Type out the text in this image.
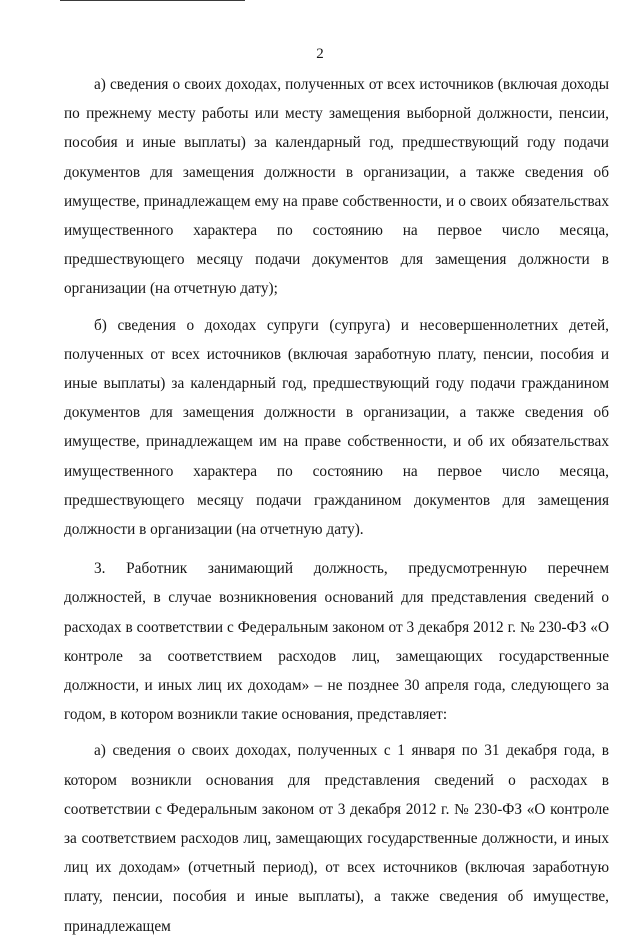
2

а) сведения о своих доходах, полученных от всех источников (включая доходы по прежнему месту работы или месту замещения выборной должности, пенсии, пособия и иные выплаты) за календарный год, предшествующий году подачи документов для замещения должности в организации, а также сведения об имуществе, принадлежащем ему на праве собственности, и о своих обязательствах имущественного характера по состоянию на первое число месяца, предшествующего месяцу подачи документов для замещения должности в организации (на отчетную дату);

б) сведения о доходах супруги (супруга) и несовершеннолетних детей, полученных от всех источников (включая заработную плату, пенсии, пособия и иные выплаты) за календарный год, предшествующий году подачи гражданином документов для замещения должности в организации, а также сведения об имуществе, принадлежащем им на праве собственности, и об их обязательствах имущественного характера по состоянию на первое число месяца, предшествующего месяцу подачи гражданином документов для замещения должности в организации (на отчетную дату).

3. Работник занимающий должность, предусмотренную перечнем должностей, в случае возникновения оснований для представления сведений о расходах в соответствии с Федеральным законом от 3 декабря 2012 г. № 230-ФЗ «О контроле за соответствием расходов лиц, замещающих государственные должности, и иных лиц их доходам» – не позднее 30 апреля года, следующего за годом, в котором возникли такие основания, представляет:

а) сведения о своих доходах, полученных с 1 января по 31 декабря года, в котором возникли основания для представления сведений о расходах в соответствии с Федеральным законом от 3 декабря 2012 г. № 230-ФЗ «О контроле за соответствием расходов лиц, замещающих государственные должности, и иных лиц их доходам» (отчетный период), от всех источников (включая заработную плату, пенсии, пособия и иные выплаты), а также сведения об имуществе, принадлежащем
